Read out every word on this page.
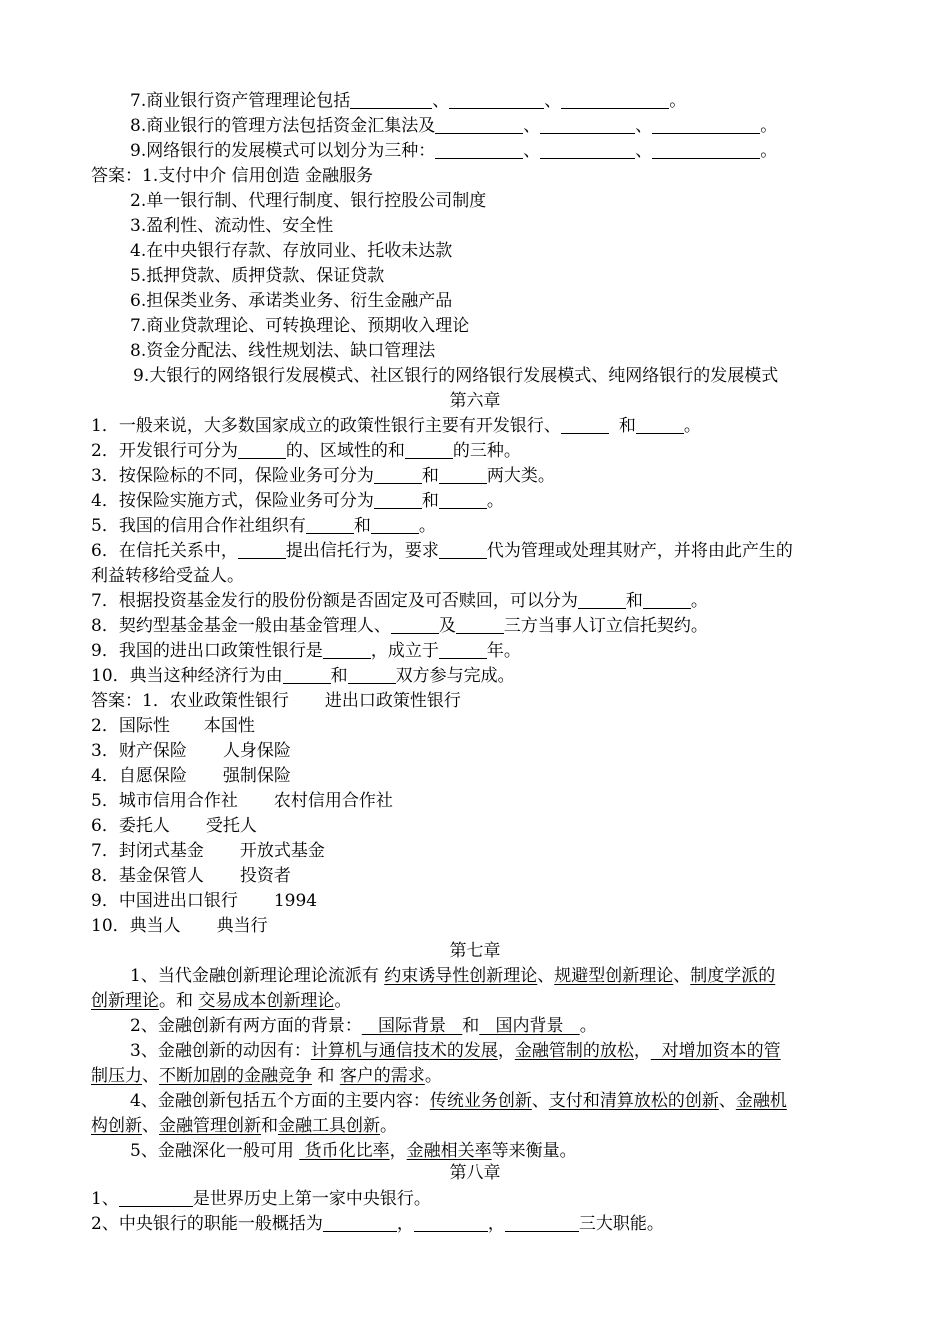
7.商业银行资产管理理论包括	、	、	。
8.商业银行的管理方法包括资金汇集法及	、	、	。
9.网络银行的发展模式可以划分为三种：	、	、	。
答案：1.支付中介 信用创造 金融服务
2.单一银行制、代理行制度、银行控股公司制度
3.盈利性、流动性、安全性
4.在中央银行存款、存放同业、托收未达款
5.抵押贷款、质押贷款、保证贷款
6.担保类业务、承诺类业务、衍生金融产品
7.商业贷款理论、可转换理论、预期收入理论
8.资金分配法、线性规划法、缺口管理法
9.大银行的网络银行发展模式、社区银行的网络银行发展模式、纯网络银行的发展模式
第六章
1．一般来说，大多数国家成立的政策性银行主要有开发银行、	和	。
2．开发银行可分为	的、区域性的和	的三种。
3．按保险标的不同，保险业务可分为	和	两大类。
4．按保险实施方式，保险业务可分为	和	。
5．我国的信用合作社组织有	和	。
6．在信托关系中，	提出信托行为，要求	代为管理或处理其财产，并将由此产生的
利益转移给受益人。
7．根据投资基金发行的股份份额是否固定及可否赎回，可以分为	和	。
8．契约型基金基金一般由基金管理人、	及	三方当事人订立信托契约。
9．我国的进出口政策性银行是	，成立于	年。
10．典当这种经济行为由	和	双方参与完成。
答案：1．农业政策性银行 进出口政策性银行
2．国际性 本国性
3．财产保险 人身保险
4．自愿保险 强制保险
5．城市信用合作社 农村信用合作社
6．委托人 受托人
7．封闭式基金 开放式基金
8．基金保管人 投资者
9．中国进出口银行 1994
10．典当人 典当行
第七章
1、当代金融创新理论理论流派有 约束诱导性创新理论、规避型创新理论、制度学派的
创新理论。和 交易成本创新理论。
2、金融创新有两方面的背景：   国际背景   和   国内背景   。
3、金融创新的动因有：计算机与通信技术的发展，金融管制的放松，  对增加资本的管
制压力、不断加剧的金融竞争 和 客户的需求。
4、金融创新包括五个方面的主要内容：传统业务创新、支付和清算放松的创新、金融机
构创新、金融管理创新和金融工具创新。
5、金融深化一般可用  货币化比率，金融相关率等来衡量。
第八章
1、	是世界历史上第一家中央银行。
2、中央银行的职能一般概括为	，	，	三大职能。
